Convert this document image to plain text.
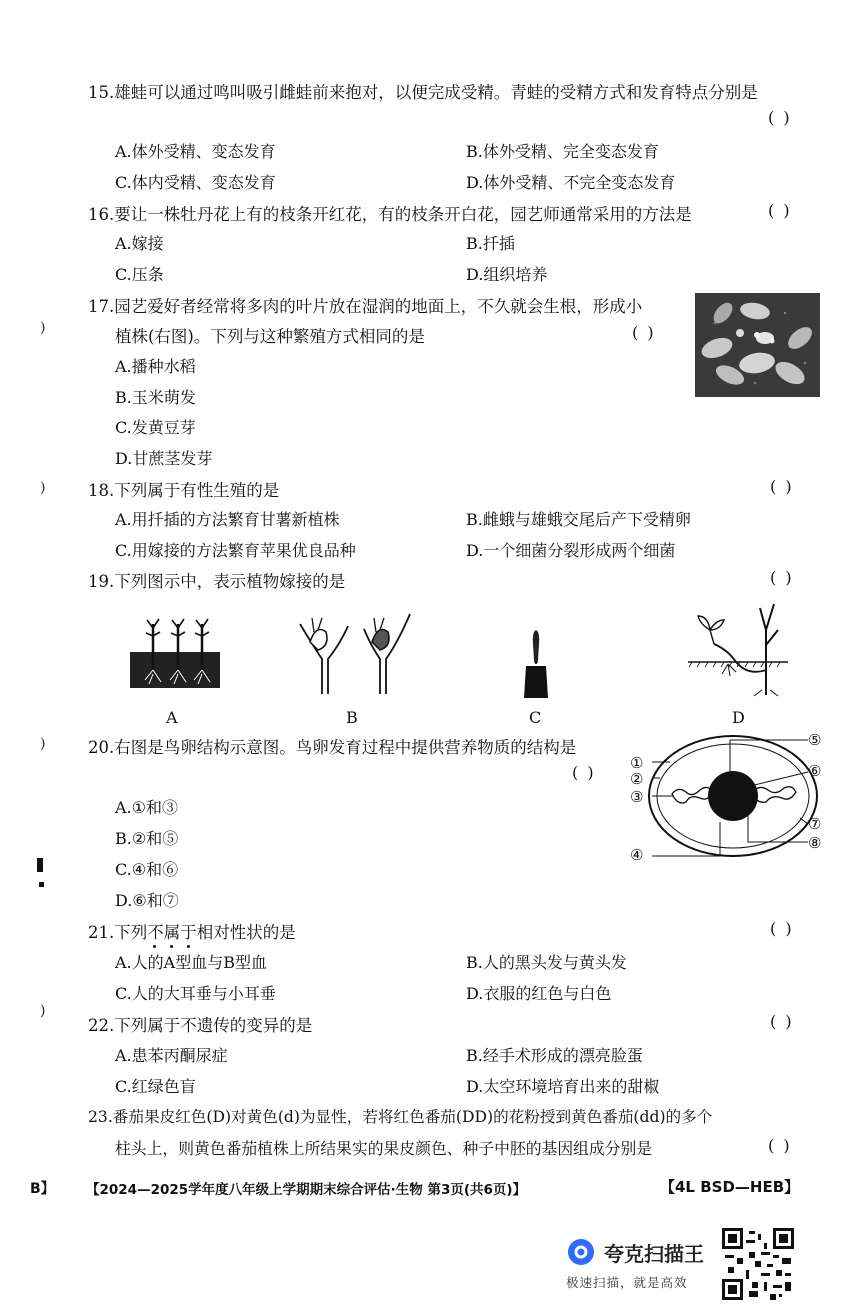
15.雄蛙可以通过鸣叫吸引雌蛙前来抱对，以便完成受精。青蛙的受精方式和发育特点分别是
( )
A.体外受精、变态发育	B.体外受精、完全变态发育
C.体内受精、变态发育	D.体外受精、不完全变态发育
16.要让一株牡丹花上有的枝条开红花，有的枝条开白花，园艺师通常采用的方法是	( )
A.嫁接	B.扦插
C.压条	D.组织培养
17.园艺爱好者经常将多肉的叶片放在湿润的地面上，不久就会生根，形成小
植株(右图)。下列与这种繁殖方式相同的是	( )
A.播种水稻
B.玉米萌发
C.发黄豆芽
D.甘蔗茎发芽
18.下列属于有性生殖的是	( )
A.用扦插的方法繁育甘薯新植株	B.雌蛾与雄蛾交尾后产下受精卵
C.用嫁接的方法繁育苹果优良品种	D.一个细菌分裂形成两个细菌
19.下列图示中，表示植物嫁接的是	( )
A	B	C	D
20.右图是鸟卵结构示意图。鸟卵发育过程中提供营养物质的结构是
( )
A.①和③
B.②和⑤
C.④和⑥
D.⑥和⑦
①
②
③
④
⑤
⑥
⑦
⑧
21.下列不属于
相对性状的是	( )
A.人的A型血与B型血	B.人的黑头发与黄头发
C.人的大耳垂与小耳垂	D.衣服的红色与白色
22.下列属于不遗传的变异的是	( )
A.患苯丙酮尿症	B.经手术形成的漂亮脸蛋
C.红绿色盲	D.太空环境培育出来的甜椒
23.番茄果皮红色(D)对黄色(d)为显性，若将红色番茄(DD)的花粉授到黄色番茄(dd)的多个
柱头上，则黄色番茄植株上所结果实的果皮颜色、种子中胚的基因组成分别是	( )
)
)
)
)
B】 【2024—2025学年度八年级上学期期末综合评估·生物 第3页(共6页)】	【4L BSD—HEB】
夸克扫描王
极速扫描，就是高效
